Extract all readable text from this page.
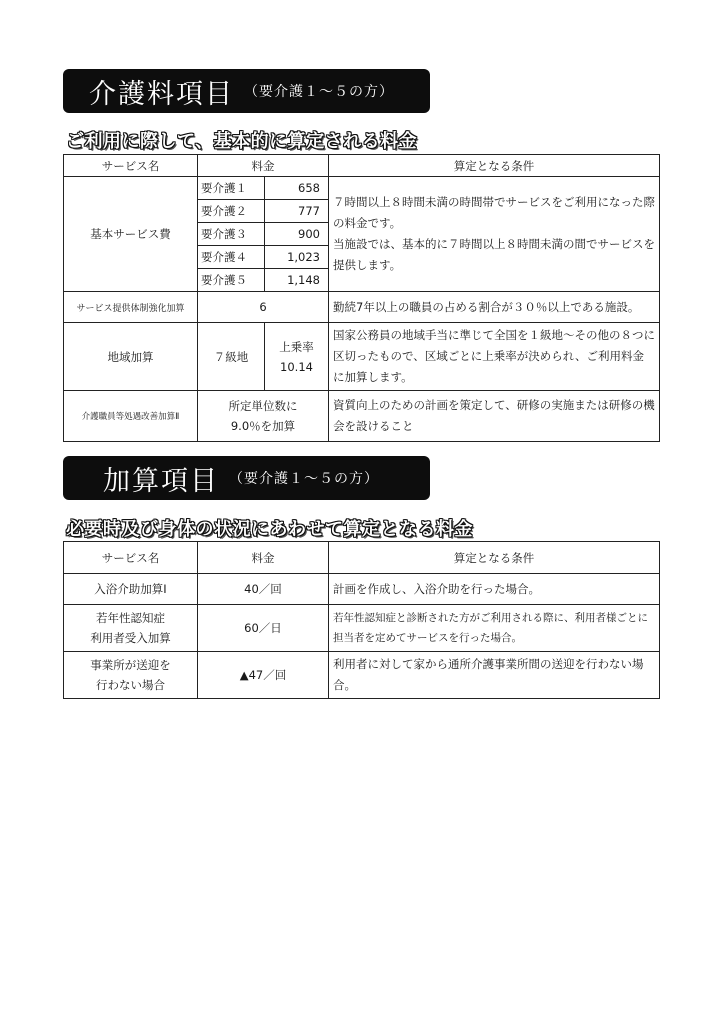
介護料項目 （要介護１～５の方）
ご利用に際して、基本的に算定される料金
サービス名	料金		算定となる条件
基本サービス費	要介護１	658	７時間以上８時間未満の時間帯でサービスをご利用になった際の料金です。
当施設では、基本的に７時間以上８時間未満の間でサービスを提供します。

	要介護２	777	
	要介護３	900	
	要介護４	1,023	
	要介護５	1,148	
サービス提供体制強化加算	6		勤続7年以上の職員の占める割合が３０％以上である施設。
地域加算	７級地	上乗率
10.14	国家公務員の地域手当に準じて全国を１級地～その他の８つに区切ったもので、区域ごとに上乗率が決められ、ご利用料金に加算します。
介護職員等処遇改善加算Ⅱ	所定単位数に
9.0％を加算		資質向上のための計画を策定して、研修の実施または研修の機会を設けること
加算項目 （要介護１～５の方）
必要時及び身体の状況にあわせて算定となる料金
サービス名	料金	算定となる条件
入浴介助加算Ⅰ	40／回	計画を作成し、入浴介助を行った場合。

若年性認知症
利用者受入加算	60／日	若年性認知症と診断された方がご利用される際に、利用者様ごとに担当者を定めてサービスを行った場合。

事業所が送迎を
行わない場合	▲47／回	利用者に対して家から通所介護事業所間の送迎を行わない場合。
